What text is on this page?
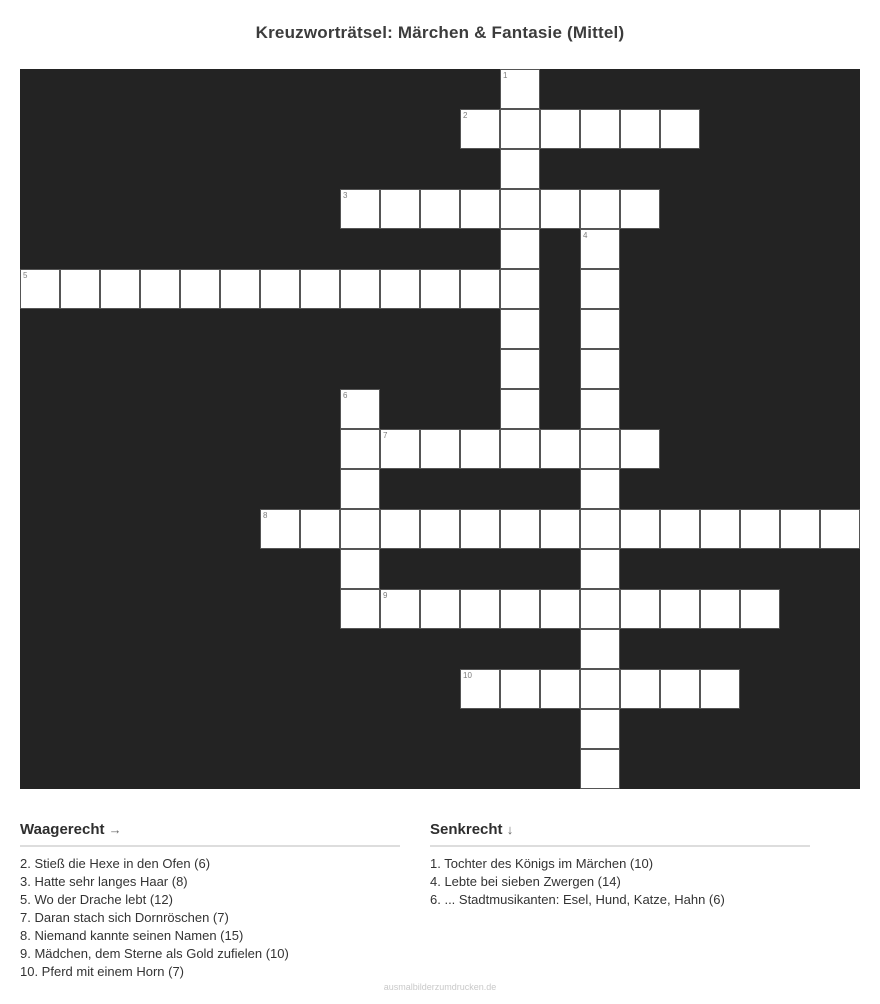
Kreuzworträtsel: Märchen & Fantasie (Mittel)
1
2
3
4
5
6
7
8
9
10
Waagerecht →

2. Stieß die Hexe in den Ofen (6)

3. Hatte sehr langes Haar (8)

5. Wo der Drache lebt (12)

7. Daran stach sich Dornröschen (7)

8. Niemand kannte seinen Namen (15)

9. Mädchen, dem Sterne als Gold zufielen (10)

10. Pferd mit einem Horn (7)

Senkrecht ↓

1. Tochter des Königs im Märchen (10)

4. Lebte bei sieben Zwergen (14)

6. ... Stadtmusikanten: Esel, Hund, Katze, Hahn (6)

ausmalbilderzumdrucken.de
